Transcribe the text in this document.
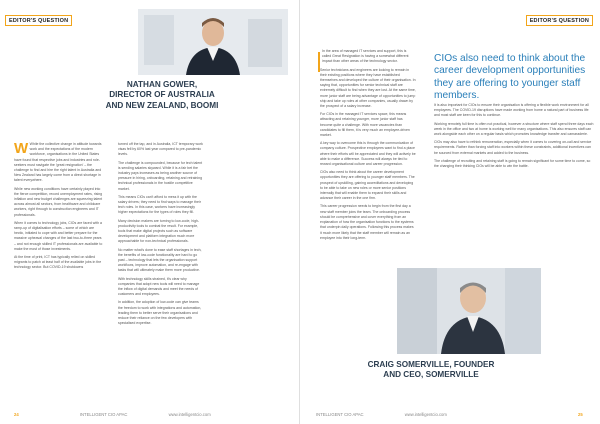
EDITOR'S QUESTION
NATHAN GOWER,
DIRECTOR OF AUSTRALIA
AND NEW ZEALAND, BOOMI

W While the collective change in attitude towards work and the expectations of the modern workforce, organisations in the United States have found that respective jobs and industries and role-seekers must navigate the 'great resignation' – the challenge to find and hire the right talent in Australia and New Zealand has largely come from a direct shortage in talent everywhere.

While new working conditions have certainly played into the fierce competition, record unemployment rates, rising inflation and new budget challenges are squeezing talent across almost all sectors, from healthcare and childcare workers, right through to construction engineers and IT professionals.

When it comes to technology jobs, CIOs are faced with a ramp-up of digitalisation efforts – some of which are hectic, initiated to cope with and better prepare for the massive upheaval changes of the last two-to-three years – and not enough skilled IT professionals are available to make the most of those investments.

At the time of print, ICT has typically relied on skilled migrants to patch at least half of the available jobs in the technology sector. But COVID-19 shutdowns

turned off the tap, and in Australia, ICT temporary work visas fell by 60% last year compared to pre-pandemic levels.

The challenge is compounded, because for tech talent is sending salaries skyward. While it is a fair bet the industry pays increases as being another source of pressure in hiring, onboarding, retaining and retraining technical professionals in the hostile competitive market.

This means CIOs can't afford to mess it up with the salary drivers; they need to find ways to manage their tech roles. In this case, workers have increasingly higher expectations for the types of roles they fill.

Many decision makers are turning to low-code, high-productivity tools to combat the result. For example, tools that make digital projects such as software development and platform integration much more approachable for non-technical professionals.

No matter what's done to ease staff shortages in tech, the benefits of low-code functionality are hard to go past – technology that lets the organisation support workflows, improve automation, and re-engage with tasks that will ultimately make them more productive.

With technology skills strained, it's clear why companies that adopt new tools will need to manage the inflow of digital demands and meet the needs of customers and employees.

In addition, the adoption of low-code can give teams the freedom to work with integrations and automation, leading them to better serve their organisations and reduce their reliance on the few developers with specialised expertise.

24	INTELLIGENT CIO APAC	www.intelligentcio.com
EDITOR'S QUESTION

In the area of managed IT services and support, this is called Great Resignation is having a somewhat different impact than other areas of the technology sector.

Senior technicians and engineers are looking to remain in their existing positions where they have established themselves and developed the culture of their organisation. In saying that, opportunities for senior technical staff are extremely difficult to find when they are lost. At the same time, more junior staff are being advantage of opportunities to jump ship and take up roles at other companies, usually drawn by the prospect of a salary increase.

For CIOs in the managed IT services space, this means attracting and retaining younger, more junior staff has become quite a challenge. With more vacancies than candidates to fill them, it is very much an employee-driven market.

A key way to overcome this is through the communication of company culture. Prospective employees want to find a place where their efforts will be appreciated and they will actively be able to make a difference. Success will always be tied to reward organisational culture and career progression.

CIOs also need to think about the career development opportunities they are offering to younger staff members. The prospect of upskilling, gaining accreditations and developing to be able to take on new roles or more senior positions internally that will enable them to expand their skills and advance their career in the one firm.

This career progression needs to begin from the first day a new staff member joins the team. The onboarding process should be comprehensive and cover everything from an explanation of how the organisation functions to the systems that underpin daily operations. Following this process makes it much more likely that the staff member will remain as an employee into their long-term.

CIOs also need to think about the career development opportunities they are offering to younger staff members.

It is also important for CIOs to ensure their organisation is offering a flexible work environment for all employees. The COVID-19 disruptions have made working from home a natural part of business life and most staff are keen for this to continue.

Working remotely full time is often not practical, however a structure where staff spend three days each week in the office and two at home is working well for many organisations. This also ensures staff can work alongside each other on a regular basis which promotes knowledge transfer and camaraderie.

CIOs may also have to rethink remuneration, especially when it comes to covering on-call and service requirements. Rather than forcing staff into workers within these constraints, additional incentives can be sourced from external markets and added to the business.

The challenge of recruiting and retaining staff is going to remain significant for some time to come, so the changing their thinking CIOs will be able to win the battle.

CRAIG SOMERVILLE, FOUNDER
AND CEO, SOMERVILLE
INTELLIGENT CIO APAC	www.intelligentcio.com	25
